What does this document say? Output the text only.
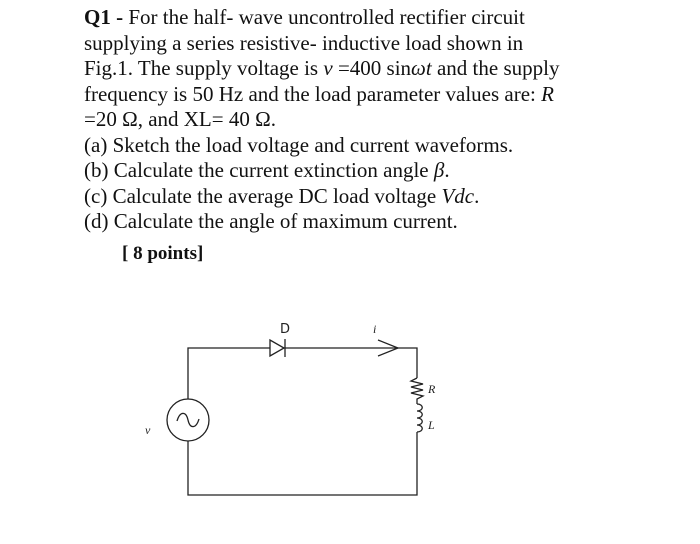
Q1 - For the half- wave uncontrolled rectifier circuit

supplying a series resistive- inductive load shown in

Fig.1. The supply voltage is v =400 sinωt and the supply

frequency is 50 Hz and the load parameter values are: R

=20 Ω, and XL= 40 Ω.

(a) Sketch the load voltage and current waveforms.

(b) Calculate the current extinction angle β.

(c) Calculate the average DC load voltage Vdc.

(d) Calculate the angle of maximum current.

[ 8 points]
D	i
R
L
v
